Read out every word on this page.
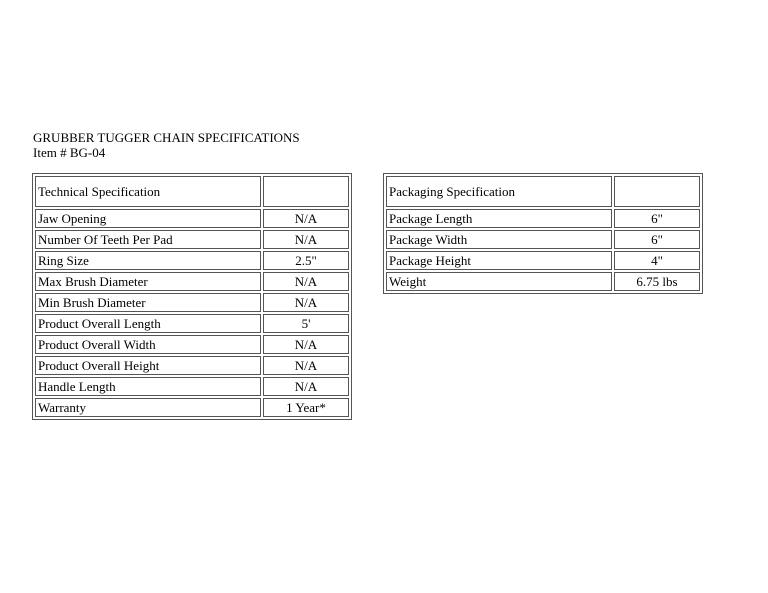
GRUBBER TUGGER CHAIN SPECIFICATIONS
Item # BG-04
Technical Specification	
Jaw Opening	N/A
Number Of Teeth Per Pad	N/A
Ring Size	2.5"
Max Brush Diameter	N/A
Min Brush Diameter	N/A
Product Overall Length	5'
Product Overall Width	N/A
Product Overall Height	N/A
Handle Length	N/A
Warranty	1 Year*
Packaging Specification	
Package Length	6"
Package Width	6"
Package Height	4"
Weight	6.75 lbs
